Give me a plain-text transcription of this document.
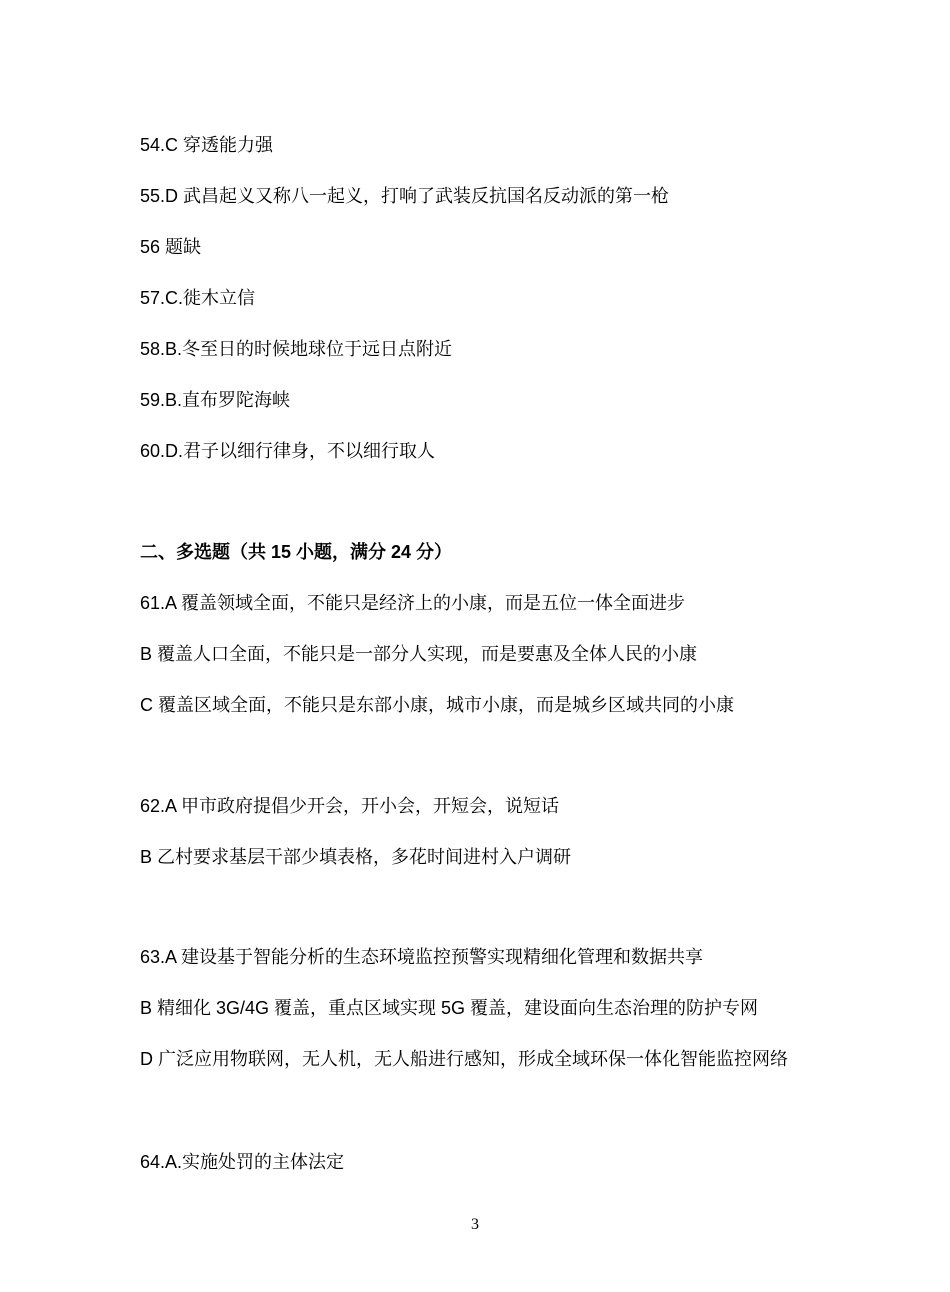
54.C 穿透能力强
55.D 武昌起义又称八一起义，打响了武装反抗国名反动派的第一枪
56 题缺
57.C.徙木立信
58.B.冬至日的时候地球位于远日点附近
59.B.直布罗陀海峡
60.D.君子以细行律身，不以细行取人
二、多选题（共 15 小题，满分 24 分）
61.A 覆盖领域全面，不能只是经济上的小康，而是五位一体全面进步
B 覆盖人口全面，不能只是一部分人实现，而是要惠及全体人民的小康
C 覆盖区域全面，不能只是东部小康，城市小康，而是城乡区域共同的小康
62.A 甲市政府提倡少开会，开小会，开短会，说短话
B 乙村要求基层干部少填表格，多花时间进村入户调研
63.A 建设基于智能分析的生态环境监控预警实现精细化管理和数据共享
B 精细化 3G/4G 覆盖，重点区域实现 5G 覆盖，建设面向生态治理的防护专网
D 广泛应用物联网，无人机，无人船进行感知，形成全域环保一体化智能监控网络
64.A.实施处罚的主体法定
3
